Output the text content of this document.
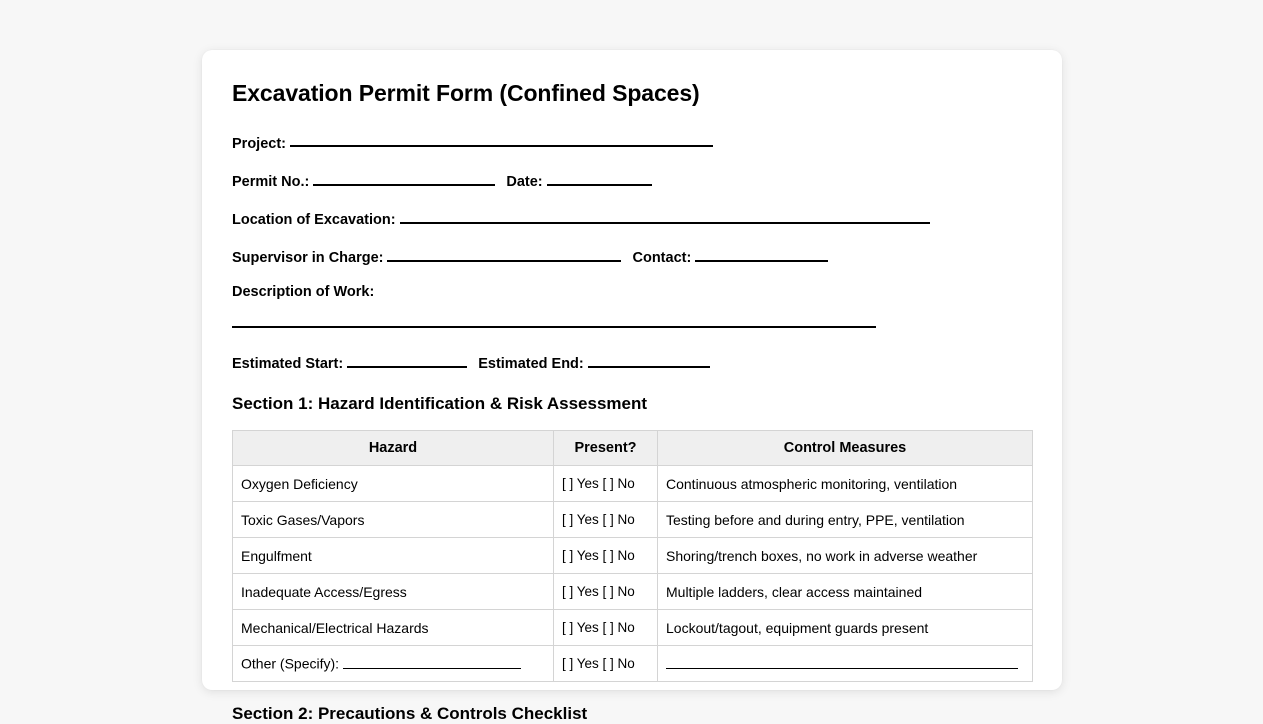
Excavation Permit Form (Confined Spaces)
Project:
Permit No.:	Date:
Location of Excavation:
Supervisor in Charge:	Contact:
Description of Work:
Estimated Start:	Estimated End:
Section 1: Hazard Identification & Risk Assessment
Hazard	Present?	Control Measures
Oxygen Deficiency	[ ] Yes [ ] No	Continuous atmospheric monitoring, ventilation
Toxic Gases/Vapors	[ ] Yes [ ] No	Testing before and during entry, PPE, ventilation
Engulfment	[ ] Yes [ ] No	Shoring/trench boxes, no work in adverse weather
Inadequate Access/Egress	[ ] Yes [ ] No	Multiple ladders, clear access maintained
Mechanical/Electrical Hazards	[ ] Yes [ ] No	Lockout/tagout, equipment guards present
Other (Specify):	[ ] Yes [ ] No	
Section 2: Precautions & Controls Checklist
